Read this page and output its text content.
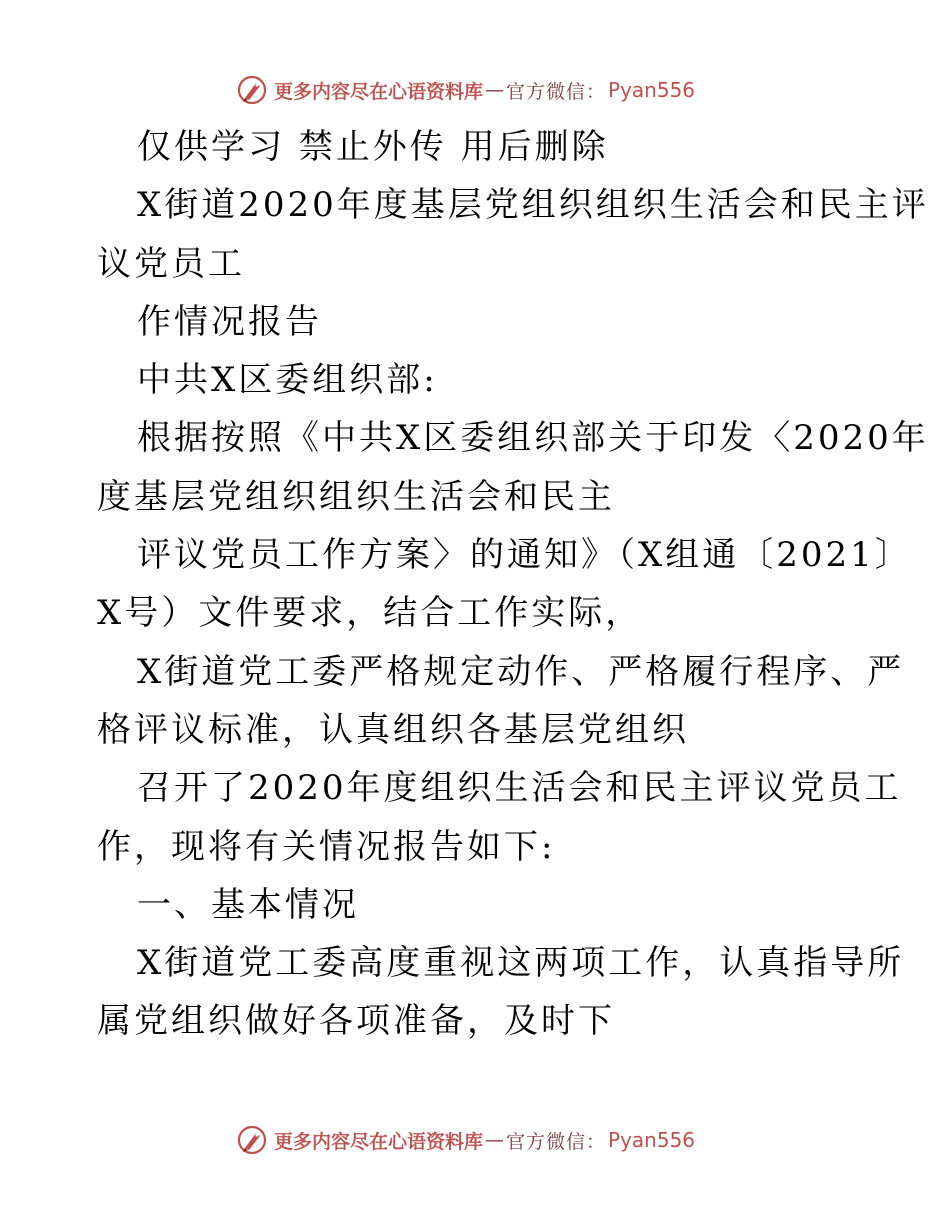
更多内容尽在心语资料库 — 官方微信： Pyan556

仅供学习 禁止外传 用后删除

X街道2020年度基层党组织组织生活会和民主评

议党员工

作情况报告

中共X区委组织部:

根据按照《中共X区委组织部关于印发〈2020年

度基层党组织组织生活会和民主

评议党员工作方案〉的通知》（X组通〔2021〕

X号）文件要求，结合工作实际，

X街道党工委严格规定动作、严格履行程序、严

格评议标准，认真组织各基层党组织

召开了2020年度组织生活会和民主评议党员工

作，现将有关情况报告如下:

一、基本情况

X街道党工委高度重视这两项工作，认真指导所

属党组织做好各项准备，及时下

更多内容尽在心语资料库 — 官方微信： Pyan556
